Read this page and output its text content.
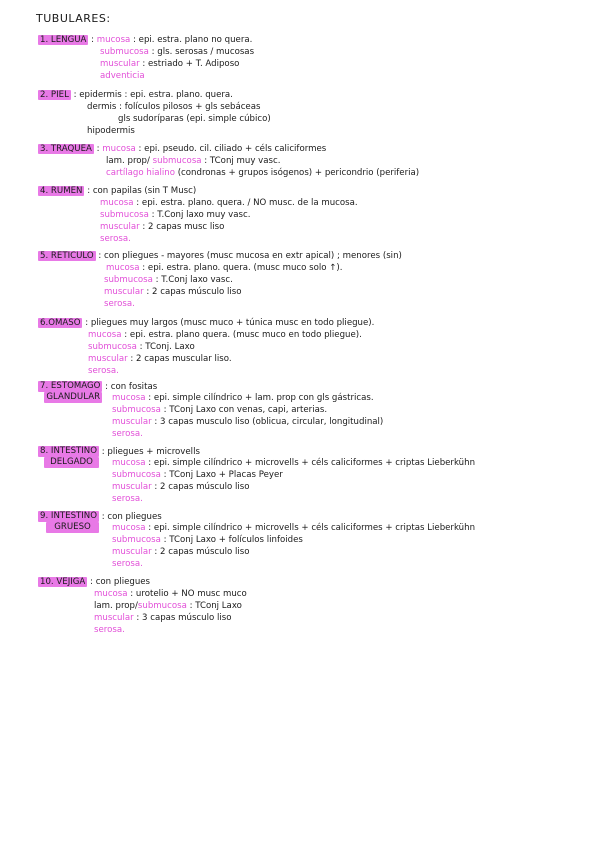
TUBULARES:
1. LENGUA : mucosa : epi. estra. plano no quera.
submucosa : gls. serosas / mucosas
muscular : estriado + T. Adiposo
adventicia
2. PIEL : epidermis : epi. estra. plano. quera.
dermis : folículos pilosos + gls sebáceas
gls sudoríparas (epi. simple cúbico)
hipodermis
3. TRAQUEA : mucosa : epi. pseudo. cil. ciliado + céls caliciformes
lam. prop/ submucosa : TConj muy vasc.
cartílago hialino (condronas + grupos isógenos) + pericondrio (periferia)
4. RUMEN : con papilas (sin T Musc)
mucosa : epi. estra. plano. quera. / NO musc. de la mucosa.
submucosa : T.Conj laxo muy vasc.
muscular : 2 capas musc liso
serosa.
5. RETICULO : con pliegues - mayores (musc mucosa en extr apical) ; menores (sin)
mucosa : epi. estra. plano. quera. (musc muco solo ↑).
submucosa : T.Conj laxo vasc.
muscular : 2 capas músculo liso
serosa.
6.OMASO : pliegues muy largos (musc muco + túnica musc en todo pliegue).
mucosa : epi. estra. plano quera. (musc muco en todo pliegue).
submucosa : TConj. Laxo
muscular : 2 capas muscular liso.
serosa.
7. ESTOMAGO
GLANDULAR
: con fositas
mucosa : epi. simple cilíndrico + lam. prop con gls gástricas.
submucosa : TConj Laxo con venas, capi, arterias.
muscular : 3 capas musculo liso (oblicua, circular, longitudinal)
serosa.
8. INTESTINO
DELGADO
: pliegues + microvells
mucosa : epi. simple cilíndrico + microvells + céls caliciformes + criptas Lieberkühn
submucosa : TConj Laxo + Placas Peyer
muscular : 2 capas músculo liso
serosa.
9. INTESTINO
GRUESO
: con pliegues
mucosa : epi. simple cilíndrico + microvells + céls caliciformes + criptas Lieberkühn
submucosa : TConj Laxo + folículos linfoides
muscular : 2 capas músculo liso
serosa.
10. VEJIGA : con pliegues
mucosa : urotelio + NO musc muco
lam. prop/submucosa : TConj Laxo
muscular : 3 capas músculo liso
serosa.
